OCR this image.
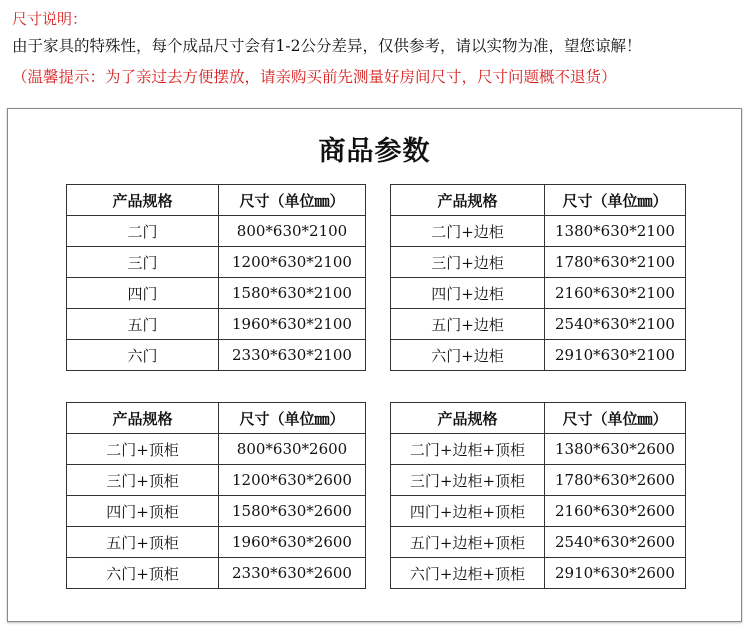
尺寸说明：
由于家具的特殊性，每个成品尺寸会有1-2公分差异，仅供参考，请以实物为准，望您谅解！
（温馨提示：为了亲过去方便摆放，请亲购买前先测量好房间尺寸，尺寸问题概不退货）
商品参数
产品规格	尺寸（单位㎜）
二门	800*630*2100
三门	1200*630*2100
四门	1580*630*2100
五门	1960*630*2100
六门	2330*630*2100
产品规格	尺寸（单位㎜）
二门+边柜	1380*630*2100
三门+边柜	1780*630*2100
四门+边柜	2160*630*2100
五门+边柜	2540*630*2100
六门+边柜	2910*630*2100
产品规格	尺寸（单位㎜）
二门+顶柜	800*630*2600
三门+顶柜	1200*630*2600
四门+顶柜	1580*630*2600
五门+顶柜	1960*630*2600
六门+顶柜	2330*630*2600
产品规格	尺寸（单位㎜）
二门+边柜+顶柜	1380*630*2600
三门+边柜+顶柜	1780*630*2600
四门+边柜+顶柜	2160*630*2600
五门+边柜+顶柜	2540*630*2600
六门+边柜+顶柜	2910*630*2600
